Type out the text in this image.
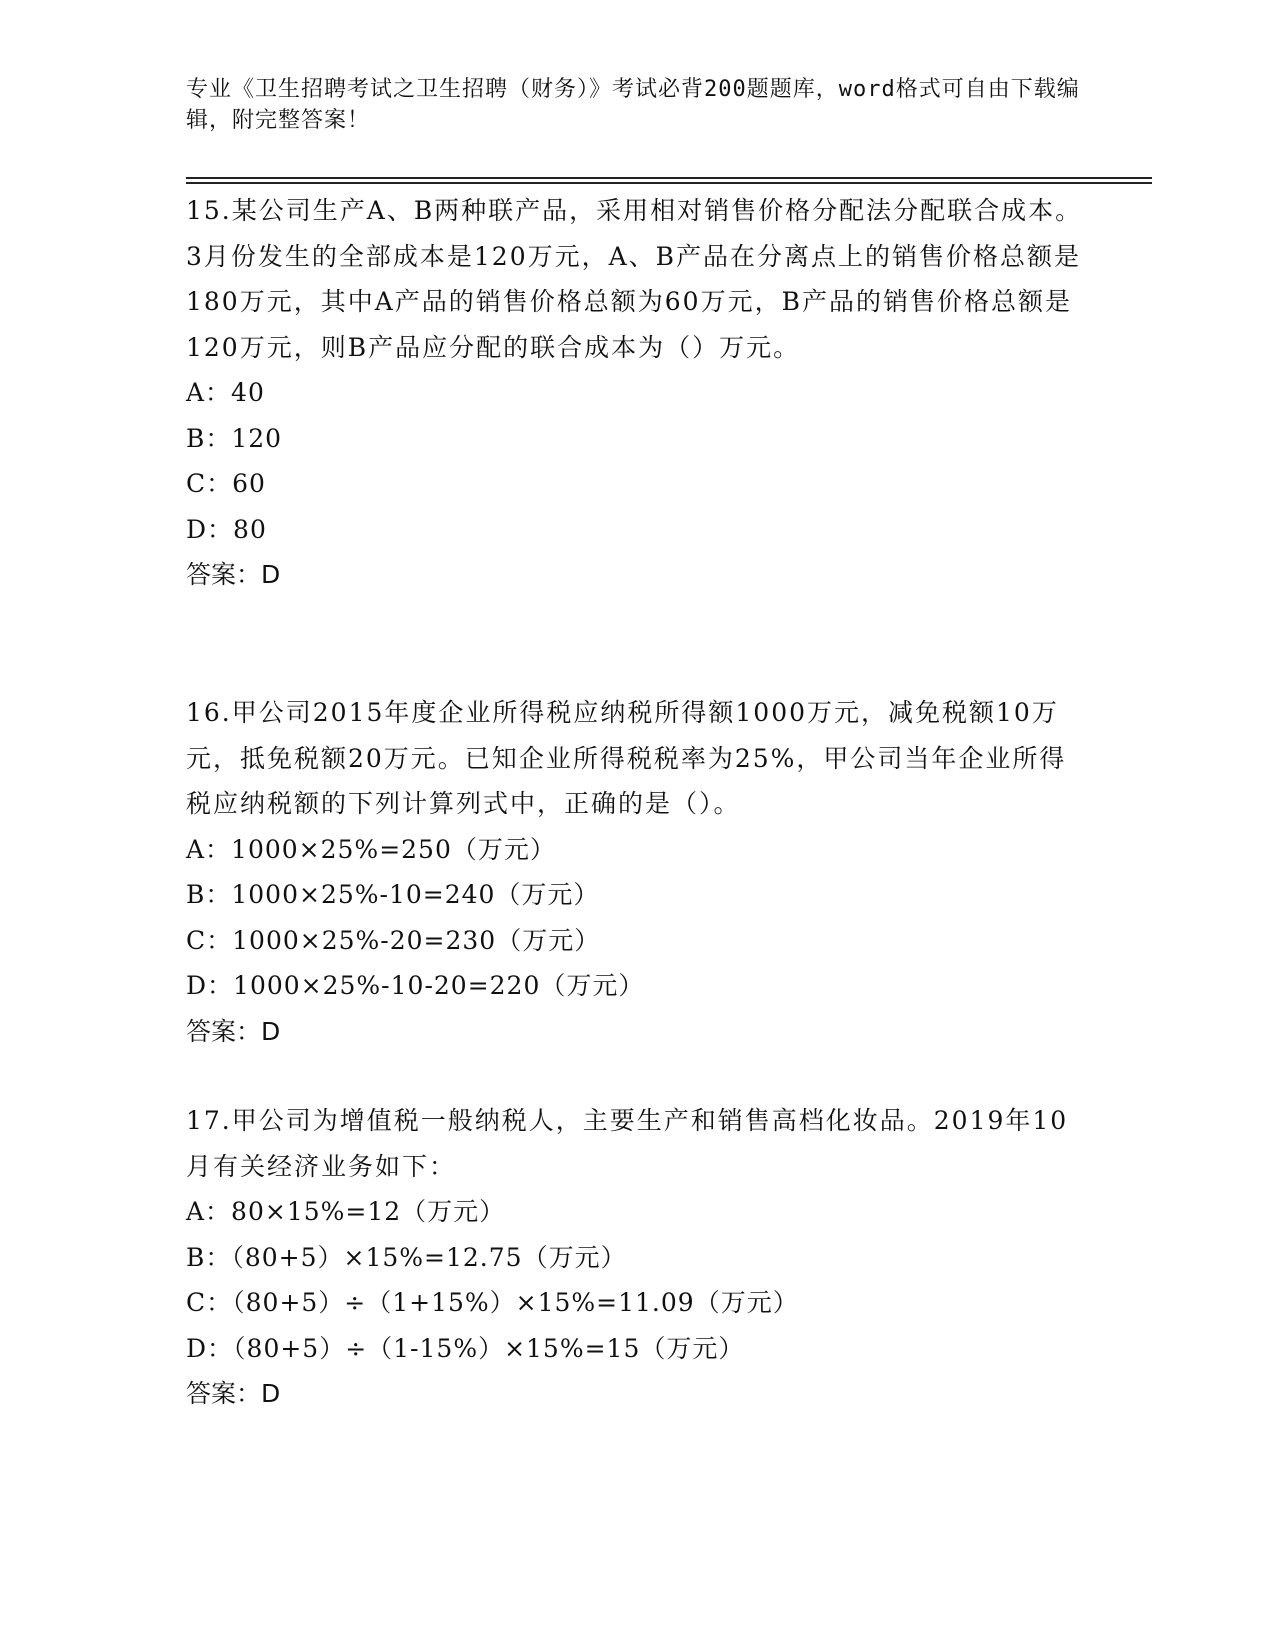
专业《卫生招聘考试之卫生招聘（财务）》考试必背200题题库，word格式可自由下载编辑，附完整答案！

15.某公司生产A、B两种联产品，采用相对销售价格分配法分配联合成本。3月份发生的全部成本是120万元，A、B产品在分离点上的销售价格总额是180万元，其中A产品的销售价格总额为60万元，B产品的销售价格总额是120万元，则B产品应分配的联合成本为（）万元。

A：40

B：120

C：60

D：80

答案：D

16.甲公司2015年度企业所得税应纳税所得额1000万元，减免税额10万元，抵免税额20万元。已知企业所得税税率为25%，甲公司当年企业所得税应纳税额的下列计算列式中，正确的是（）。

A：1000×25%=250（万元）

B：1000×25%-10=240（万元）

C：1000×25%-20=230（万元）

D：1000×25%-10-20=220（万元）

答案：D

17.甲公司为增值税一般纳税人，主要生产和销售高档化妆品。2019年10月有关经济业务如下：

A：80×15%=12（万元）

B：（80+5）×15%=12.75（万元）

C：（80+5）÷（1+15%）×15%=11.09（万元）

D：（80+5）÷（1-15%）×15%=15（万元）

答案：D
